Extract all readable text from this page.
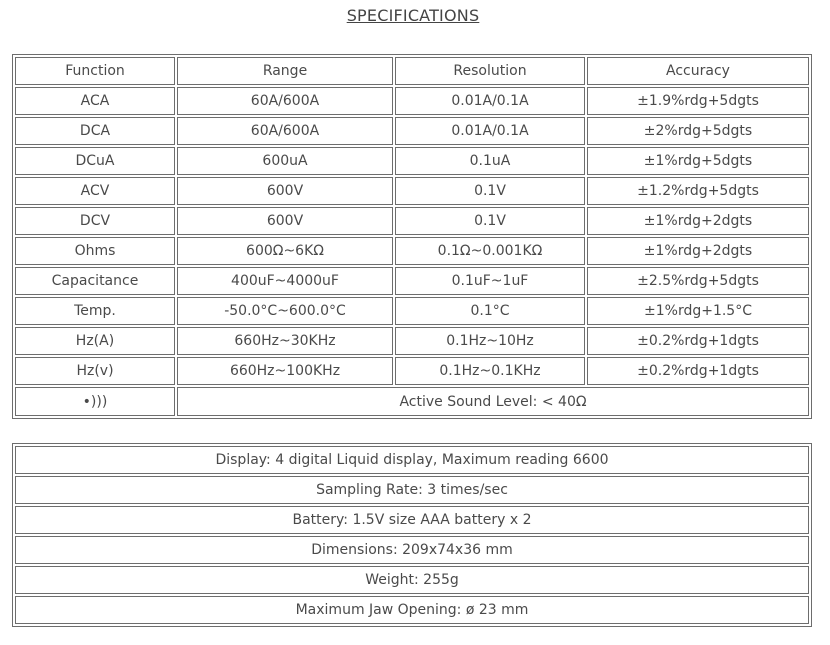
SPECIFICATIONS
Function	Range	Resolution	Accuracy
ACA	60A/600A	0.01A/0.1A	±1.9%rdg+5dgts
DCA	60A/600A	0.01A/0.1A	±2%rdg+5dgts
DCuA	600uA	0.1uA	±1%rdg+5dgts
ACV	600V	0.1V	±1.2%rdg+5dgts
DCV	600V	0.1V	±1%rdg+2dgts
Ohms	600Ω~6KΩ	0.1Ω~0.001KΩ	±1%rdg+2dgts
Capacitance	400uF~4000uF	0.1uF~1uF	±2.5%rdg+5dgts
Temp.	-50.0°C~600.0°C	0.1°C	±1%rdg+1.5°C
Hz(A)	660Hz~30KHz	0.1Hz~10Hz	±0.2%rdg+1dgts
Hz(v)	660Hz~100KHz	0.1Hz~0.1KHz	±0.2%rdg+1dgts
•)))	Active Sound Level: < 40Ω		
Display: 4 digital Liquid display, Maximum reading 6600
Sampling Rate: 3 times/sec
Battery: 1.5V size AAA battery x 2
Dimensions: 209x74x36 mm
Weight: 255g
Maximum Jaw Opening: ø 23 mm
